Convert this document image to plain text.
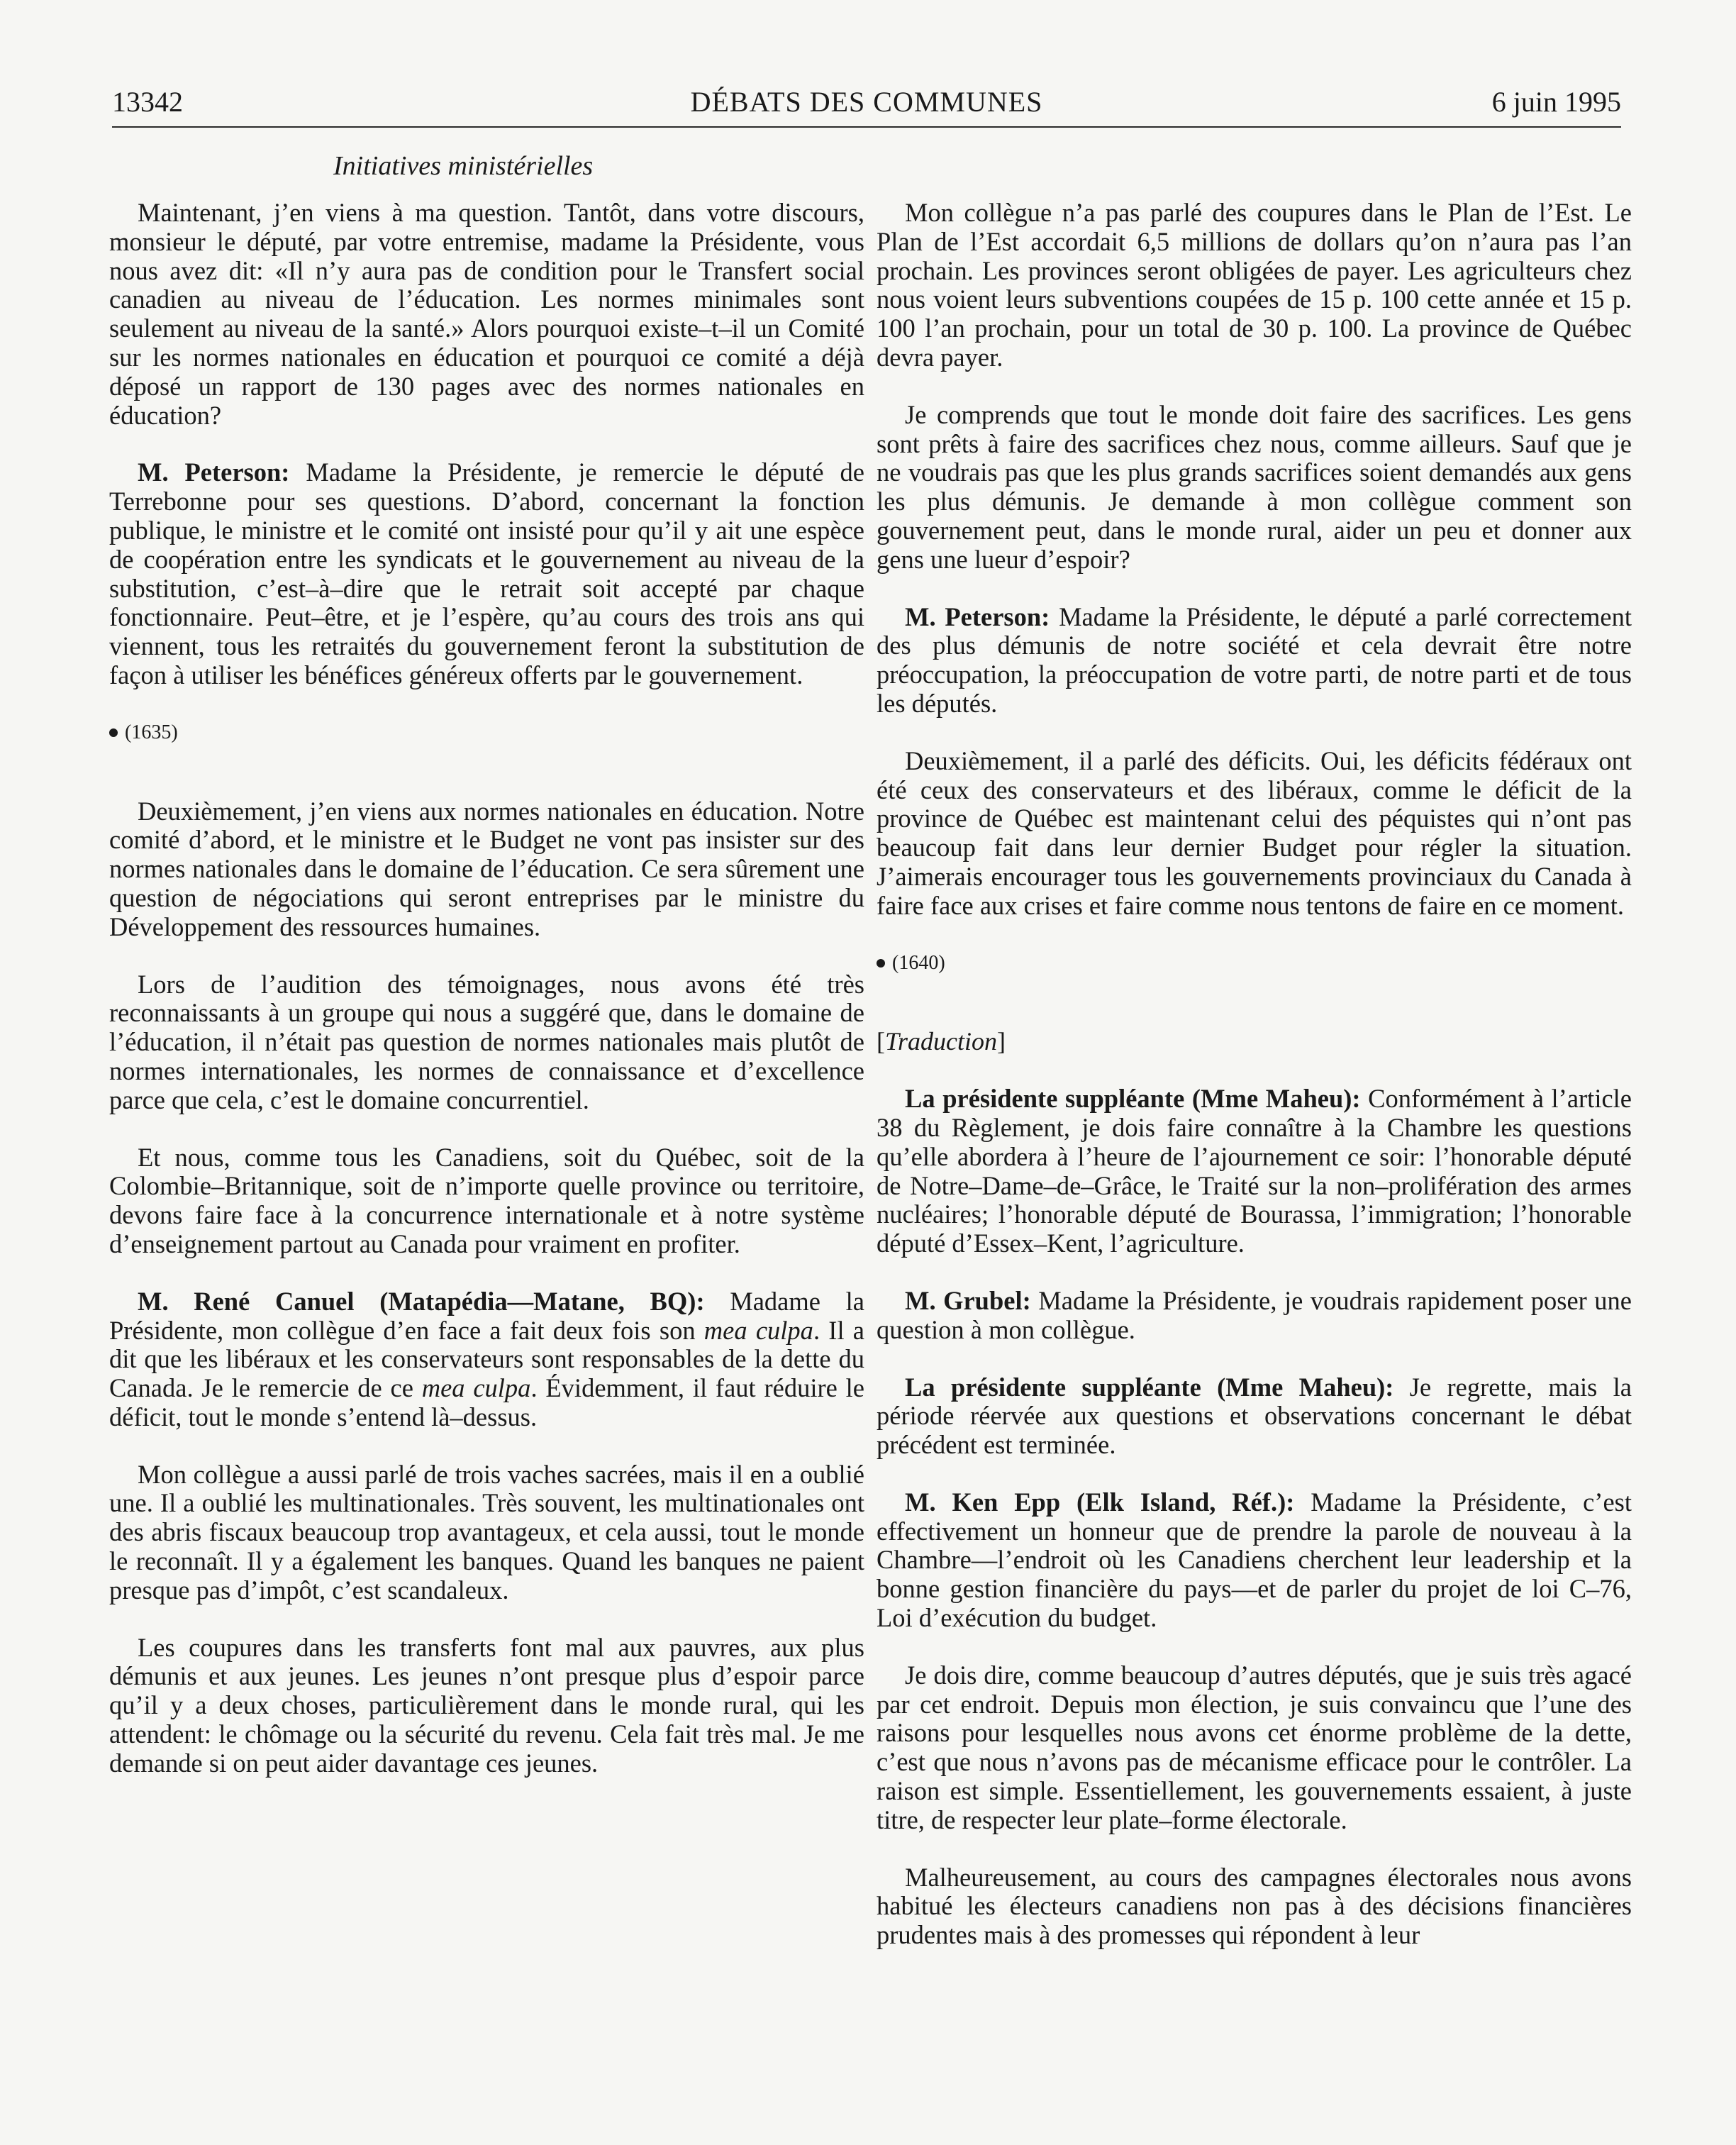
13342	DÉBATS DES COMMUNES	6 juin 1995
Initiatives ministérielles

Maintenant, j’en viens à ma question. Tantôt, dans votre discours, monsieur le député, par votre entremise, madame la Présidente, vous nous avez dit: «Il n’y aura pas de condition pour le Transfert social canadien au niveau de l’éducation. Les normes minimales sont seulement au niveau de la santé.» Alors pourquoi existe–t–il un Comité sur les normes nationales en éducation et pourquoi ce comité a déjà déposé un rapport de 130 pages avec des normes nationales en éducation?

M. Peterson: Madame la Présidente, je remercie le député de Terrebonne pour ses questions. D’abord, concernant la fonction publique, le ministre et le comité ont insisté pour qu’il y ait une espèce de coopération entre les syndicats et le gouvernement au niveau de la substitution, c’est–à–dire que le retrait soit accepté par chaque fonctionnaire. Peut–être, et je l’espère, qu’au cours des trois ans qui viennent, tous les retraités du gouvernement feront la substitution de façon à utiliser les bénéfices généreux offerts par le gouvernement.

(1635)

Deuxièmement, j’en viens aux normes nationales en éducation. Notre comité d’abord, et le ministre et le Budget ne vont pas insister sur des normes nationales dans le domaine de l’éducation. Ce sera sûrement une question de négociations qui seront entreprises par le ministre du Développement des ressources humaines.

Lors de l’audition des témoignages, nous avons été très reconnaissants à un groupe qui nous a suggéré que, dans le domaine de l’éducation, il n’était pas question de normes nationales mais plutôt de normes internationales, les normes de connaissance et d’excellence parce que cela, c’est le domaine concurrentiel.

Et nous, comme tous les Canadiens, soit du Québec, soit de la Colombie–Britannique, soit de n’importe quelle province ou territoire, devons faire face à la concurrence internationale et à notre système d’enseignement partout au Canada pour vraiment en profiter.

M. René Canuel (Matapédia—Matane, BQ): Madame la Présidente, mon collègue d’en face a fait deux fois son mea culpa. Il a dit que les libéraux et les conservateurs sont responsables de la dette du Canada. Je le remercie de ce mea culpa. Évidemment, il faut réduire le déficit, tout le monde s’entend là–dessus.

Mon collègue a aussi parlé de trois vaches sacrées, mais il en a oublié une. Il a oublié les multinationales. Très souvent, les multinationales ont des abris fiscaux beaucoup trop avantageux, et cela aussi, tout le monde le reconnaît. Il y a également les banques. Quand les banques ne paient presque pas d’impôt, c’est scandaleux.

Les coupures dans les transferts font mal aux pauvres, aux plus démunis et aux jeunes. Les jeunes n’ont presque plus d’espoir parce qu’il y a deux choses, particulièrement dans le monde rural, qui les attendent: le chômage ou la sécurité du revenu. Cela fait très mal. Je me demande si on peut aider davantage ces jeunes.

Mon collègue n’a pas parlé des coupures dans le Plan de l’Est. Le Plan de l’Est accordait 6,5 millions de dollars qu’on n’aura pas l’an prochain. Les provinces seront obligées de payer. Les agriculteurs chez nous voient leurs subventions coupées de 15 p. 100 cette année et 15 p. 100 l’an prochain, pour un total de 30 p. 100. La province de Québec devra payer.

Je comprends que tout le monde doit faire des sacrifices. Les gens sont prêts à faire des sacrifices chez nous, comme ailleurs. Sauf que je ne voudrais pas que les plus grands sacrifices soient demandés aux gens les plus démunis. Je demande à mon collègue comment son gouvernement peut, dans le monde rural, aider un peu et donner aux gens une lueur d’espoir?

M. Peterson: Madame la Présidente, le député a parlé correctement des plus démunis de notre société et cela devrait être notre préoccupation, la préoccupation de votre parti, de notre parti et de tous les députés.

Deuxièmement, il a parlé des déficits. Oui, les déficits fédéraux ont été ceux des conservateurs et des libéraux, comme le déficit de la province de Québec est maintenant celui des péquistes qui n’ont pas beaucoup fait dans leur dernier Budget pour régler la situation. J’aimerais encourager tous les gouvernements provinciaux du Canada à faire face aux crises et faire comme nous tentons de faire en ce moment.

(1640)
[Traduction]

La présidente suppléante (Mme Maheu): Conformément à l’article 38 du Règlement, je dois faire connaître à la Chambre les questions qu’elle abordera à l’heure de l’ajournement ce soir: l’honorable député de Notre–Dame–de–Grâce, le Traité sur la non–prolifération des armes nucléaires; l’honorable député de Bourassa, l’immigration; l’honorable député d’Essex–Kent, l’agriculture.

M. Grubel: Madame la Présidente, je voudrais rapidement poser une question à mon collègue.

La présidente suppléante (Mme Maheu): Je regrette, mais la période réervée aux questions et observations concernant le débat précédent est terminée.

M. Ken Epp (Elk Island, Réf.): Madame la Présidente, c’est effectivement un honneur que de prendre la parole de nouveau à la Chambre—l’endroit où les Canadiens cherchent leur leadership et la bonne gestion financière du pays—et de parler du projet de loi C–76, Loi d’exécution du budget.

Je dois dire, comme beaucoup d’autres députés, que je suis très agacé par cet endroit. Depuis mon élection, je suis convaincu que l’une des raisons pour lesquelles nous avons cet énorme problème de la dette, c’est que nous n’avons pas de mécanisme efficace pour le contrôler. La raison est simple. Essentiellement, les gouvernements essaient, à juste titre, de respecter leur plate–forme électorale.

Malheureusement, au cours des campagnes électorales nous avons habitué les électeurs canadiens non pas à des décisions financières prudentes mais à des promesses qui répondent à leur
